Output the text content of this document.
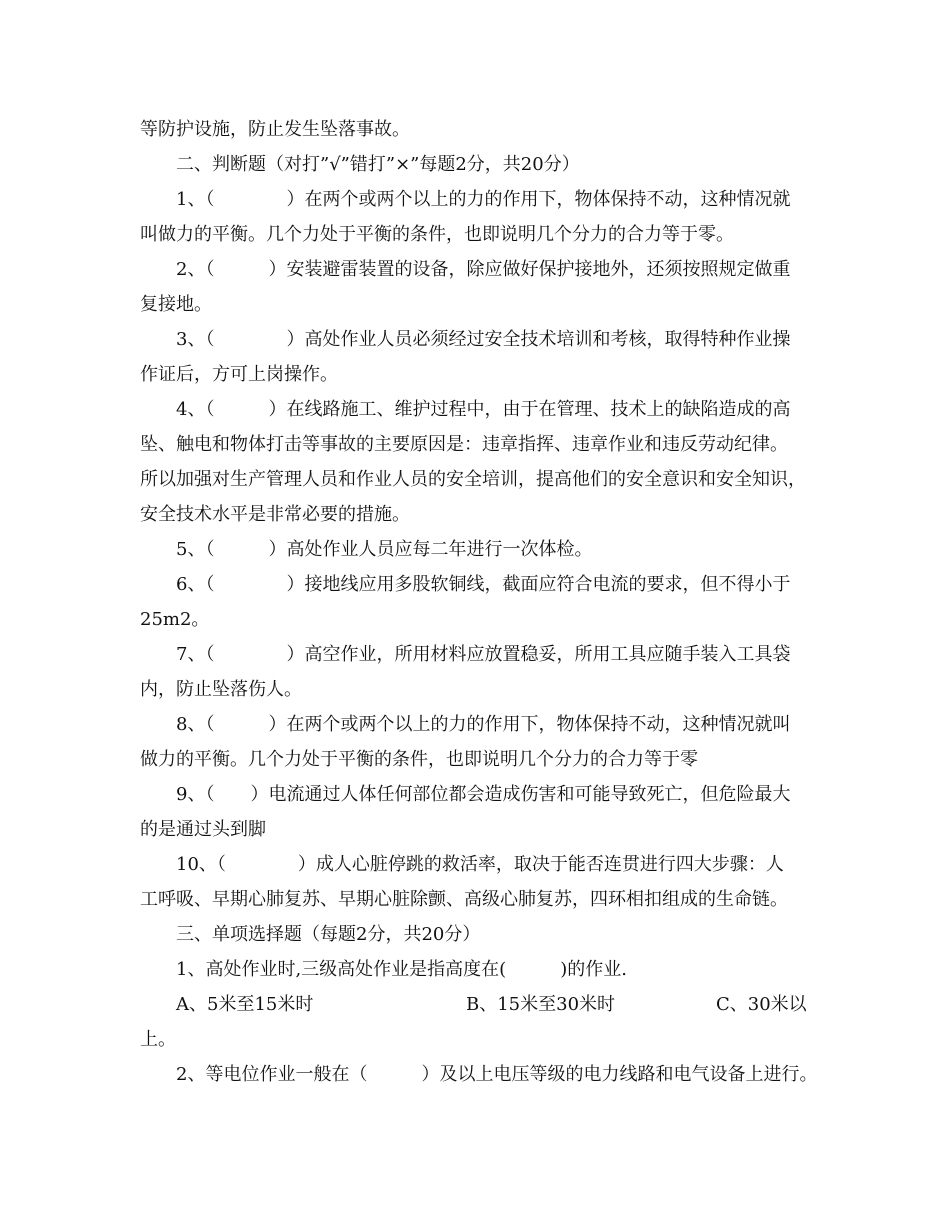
等防护设施，防止发生坠落事故。
二、判断题（对打”√”错打”×”每题2分，共20分）
1、（　　　　）在两个或两个以上的力的作用下，物体保持不动，这种情况就
叫做力的平衡。几个力处于平衡的条件，也即说明几个分力的合力等于零。
2、（　　　）安装避雷装置的设备，除应做好保护接地外，还须按照规定做重
复接地。
3、（　　　　）高处作业人员必须经过安全技术培训和考核，取得特种作业操
作证后，方可上岗操作。
4、（　　　）在线路施工、维护过程中，由于在管理、技术上的缺陷造成的高
坠、触电和物体打击等事故的主要原因是：违章指挥、违章作业和违反劳动纪律。
所以加强对生产管理人员和作业人员的安全培训，提高他们的安全意识和安全知识，
安全技术水平是非常必要的措施。
5、（　　　）高处作业人员应每二年进行一次体检。
6、（　　　　）接地线应用多股软铜线，截面应符合电流的要求，但不得小于
25m2。
7、（　　　　）高空作业，所用材料应放置稳妥，所用工具应随手装入工具袋
内，防止坠落伤人。
8、（　　　）在两个或两个以上的力的作用下，物体保持不动，这种情况就叫
做力的平衡。几个力处于平衡的条件，也即说明几个分力的合力等于零
9、（　　）电流通过人体任何部位都会造成伤害和可能导致死亡，但危险最大
的是通过头到脚
10、（　　　　）成人心脏停跳的救活率，取决于能否连贯进行四大步骤：人
工呼吸、早期心肺复苏、早期心脏除颤、高级心肺复苏，四环相扣组成的生命链。
三、单项选择题（每题2分，共20分）
1、高处作业时,三级高处作业是指高度在(　　　)的作业.
A、5米至15米时	B、15米至30米时	C、30米以
上。
2、等电位作业一般在（　　　）及以上电压等级的电力线路和电气设备上进行。
